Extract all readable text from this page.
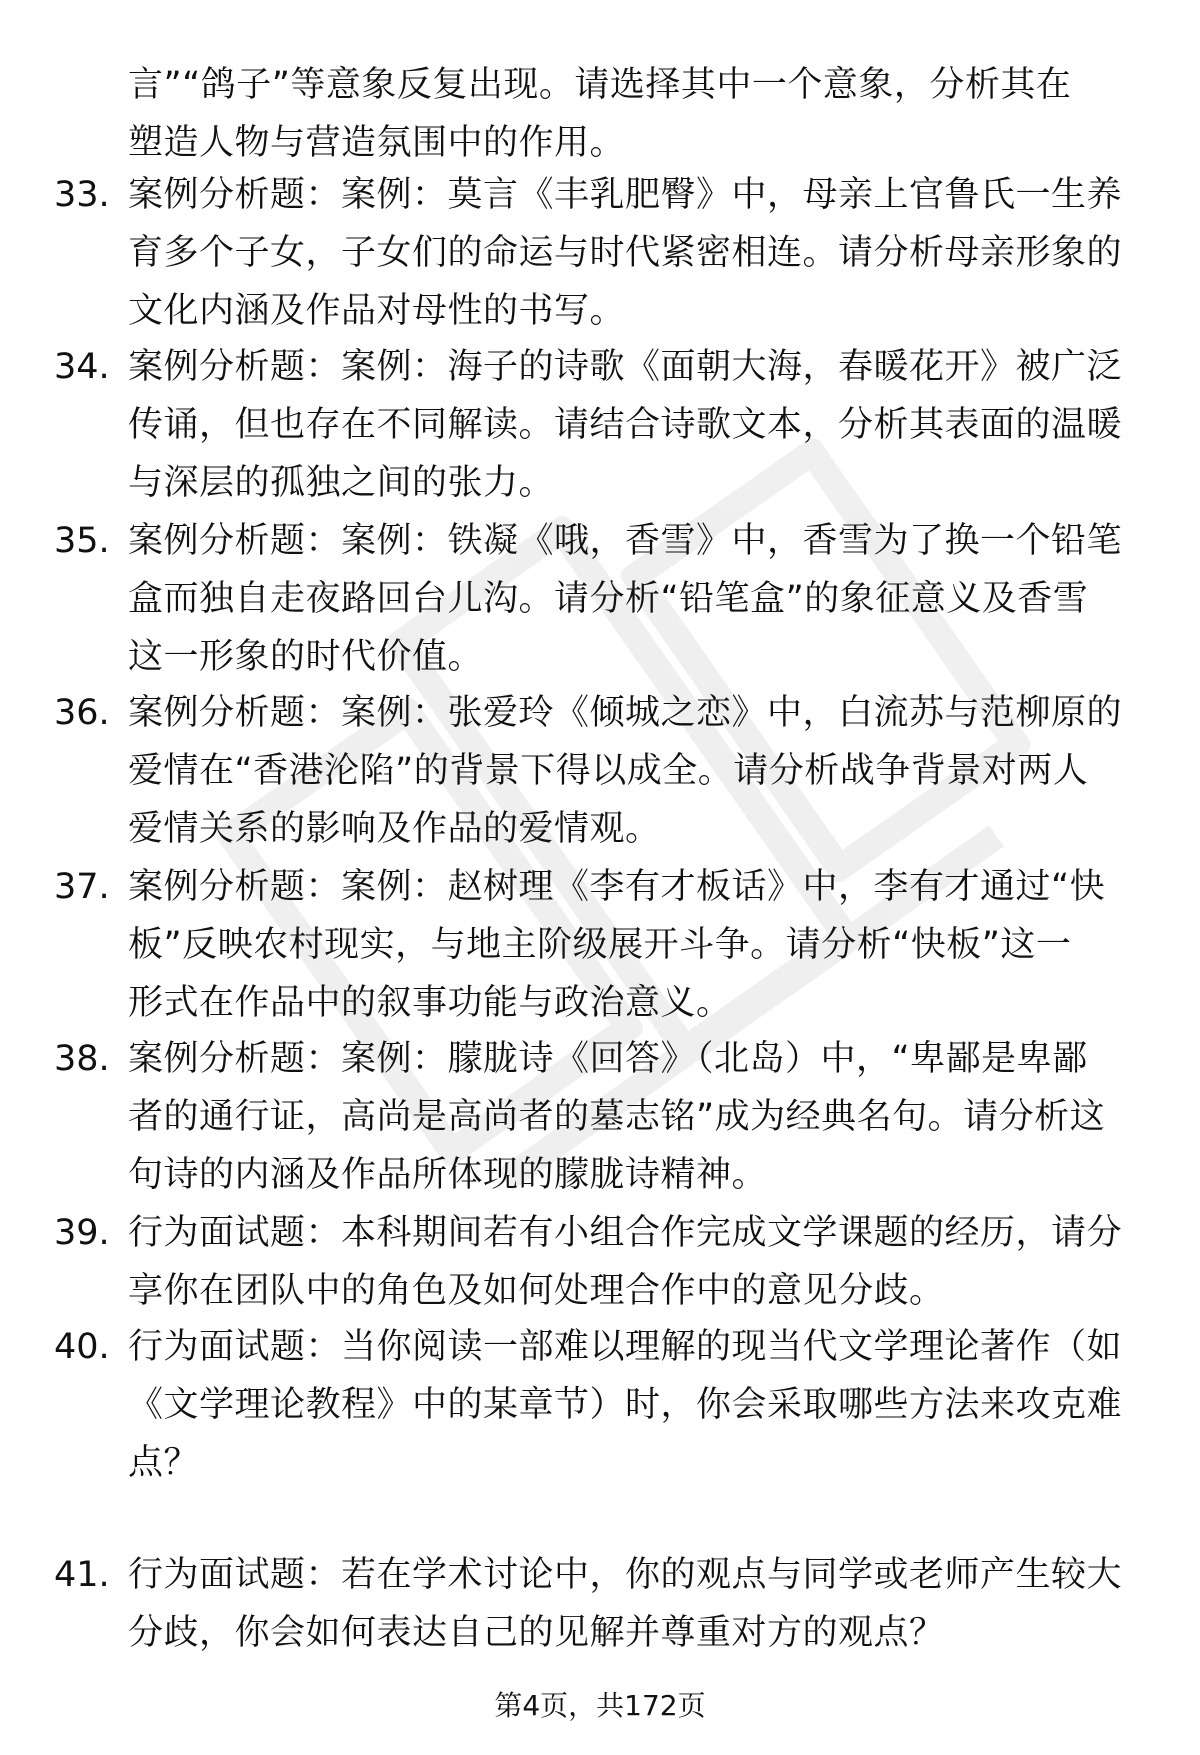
言”“鸽子”等意象反复出现。请选择其中一个意象，分析其在
塑造人物与营造氛围中的作用。
33. 案例分析题：案例：莫言《丰乳肥臀》中，母亲上官鲁氏一生养
育多个子女，子女们的命运与时代紧密相连。请分析母亲形象的
文化内涵及作品对母性的书写。
34. 案例分析题：案例：海子的诗歌《面朝大海，春暖花开》被广泛
传诵，但也存在不同解读。请结合诗歌文本，分析其表面的温暖
与深层的孤独之间的张力。
35. 案例分析题：案例：铁凝《哦，香雪》中，香雪为了换一个铅笔
盒而独自走夜路回台儿沟。请分析“铅笔盒”的象征意义及香雪
这一形象的时代价值。
36. 案例分析题：案例：张爱玲《倾城之恋》中，白流苏与范柳原的
爱情在“香港沦陷”的背景下得以成全。请分析战争背景对两人
爱情关系的影响及作品的爱情观。
37. 案例分析题：案例：赵树理《李有才板话》中，李有才通过“快
板”反映农村现实，与地主阶级展开斗争。请分析“快板”这一
形式在作品中的叙事功能与政治意义。
38. 案例分析题：案例：朦胧诗《回答》（北岛）中，“卑鄙是卑鄙
者的通行证，高尚是高尚者的墓志铭”成为经典名句。请分析这
句诗的内涵及作品所体现的朦胧诗精神。
39. 行为面试题：本科期间若有小组合作完成文学课题的经历，请分
享你在团队中的角色及如何处理合作中的意见分歧。
40. 行为面试题：当你阅读一部难以理解的现当代文学理论著作（如
《文学理论教程》中的某章节）时，你会采取哪些方法来攻克难
点？
41. 行为面试题：若在学术讨论中，你的观点与同学或老师产生较大
分歧，你会如何表达自己的见解并尊重对方的观点？
第4页，共172页
